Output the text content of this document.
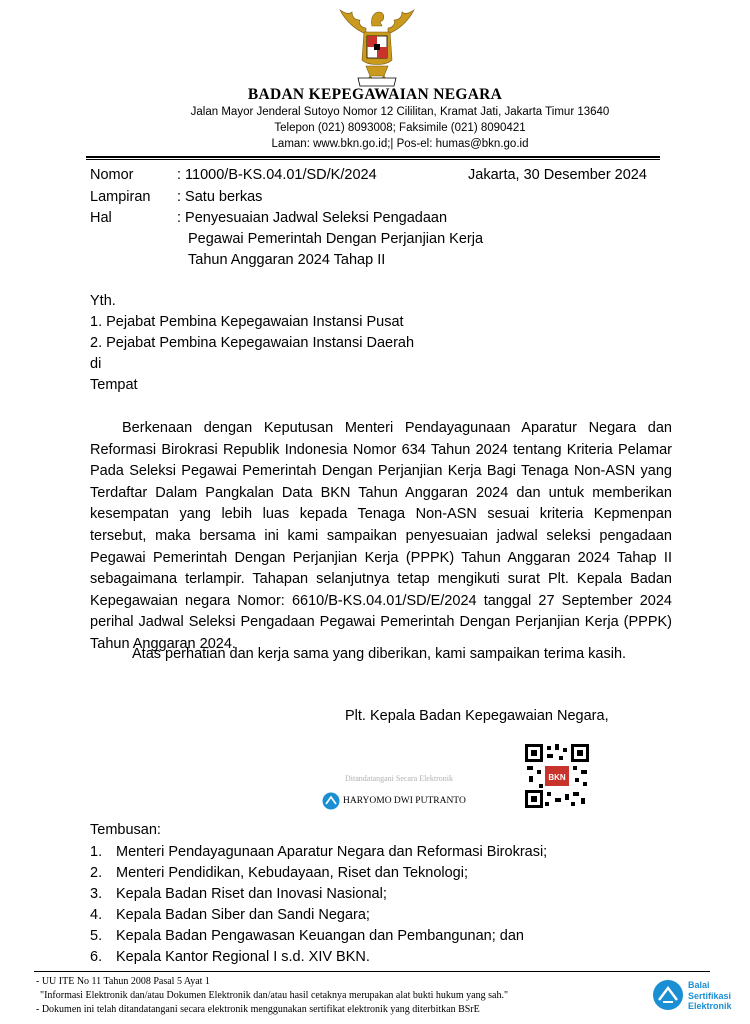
BADAN KEPEGAWAIAN NEGARA
Jalan Mayor Jenderal Sutoyo Nomor 12 Cililitan, Kramat Jati, Jakarta Timur 13640
Telepon (021) 8093008; Faksimile (021) 8090421
Laman: www.bkn.go.id;| Pos-el: humas@bkn.go.id
Nomor	: 11000/B-KS.04.01/SD/K/2024	Jakarta, 30 Desember 2024
Lampiran : Satu berkas
Hal	: Penyesuaian Jadwal Seleksi Pengadaan
Pegawai Pemerintah Dengan Perjanjian Kerja
Tahun Anggaran 2024 Tahap II
Yth.
1. Pejabat Pembina Kepegawaian Instansi Pusat
2. Pejabat Pembina Kepegawaian Instansi Daerah
di
Tempat
Berkenaan dengan Keputusan Menteri Pendayagunaan Aparatur Negara dan Reformasi Birokrasi Republik Indonesia Nomor 634 Tahun 2024 tentang Kriteria Pelamar Pada Seleksi Pegawai Pemerintah Dengan Perjanjian Kerja Bagi Tenaga Non-ASN yang Terdaftar Dalam Pangkalan Data BKN Tahun Anggaran 2024 dan untuk memberikan kesempatan yang lebih luas kepada Tenaga Non-ASN sesuai kriteria Kepmenpan tersebut, maka bersama ini kami sampaikan penyesuaian jadwal seleksi pengadaan Pegawai Pemerintah Dengan Perjanjian Kerja (PPPK) Tahun Anggaran 2024 Tahap II sebagaimana terlampir. Tahapan selanjutnya tetap mengikuti surat Plt. Kepala Badan Kepegawaian negara Nomor: 6610/B-KS.04.01/SD/E/2024 tanggal 27 September 2024 perihal Jadwal Seleksi Pengadaan Pegawai Pemerintah Dengan Perjanjian Kerja (PPPK) Tahun Anggaran 2024.
Atas perhatian dan kerja sama yang diberikan, kami sampaikan terima kasih.
Plt. Kepala Badan Kepegawaian Negara,
BKN
Ditandatangani Secara Elektronik
HARYOMO DWI PUTRANTO
Tembusan:
1. Menteri Pendayagunaan Aparatur Negara dan Reformasi Birokrasi;
2. Menteri Pendidikan, Kebudayaan, Riset dan Teknologi;
3. Kepala Badan Riset dan Inovasi Nasional;
4. Kepala Badan Siber dan Sandi Negara;
5. Kepala Badan Pengawasan Keuangan dan Pembangunan; dan
6. Kepala Kantor Regional I s.d. XIV BKN.
- UU ITE No 11 Tahun 2008 Pasal 5 Ayat 1
"Informasi Elektronik dan/atau Dokumen Elektronik dan/atau hasil cetaknya merupakan alat bukti hukum yang sah."
- Dokumen ini telah ditandatangani secara elektronik menggunakan sertifikat elektronik yang diterbitkan BSrE
Balai
Sertifikasi
Elektronik
